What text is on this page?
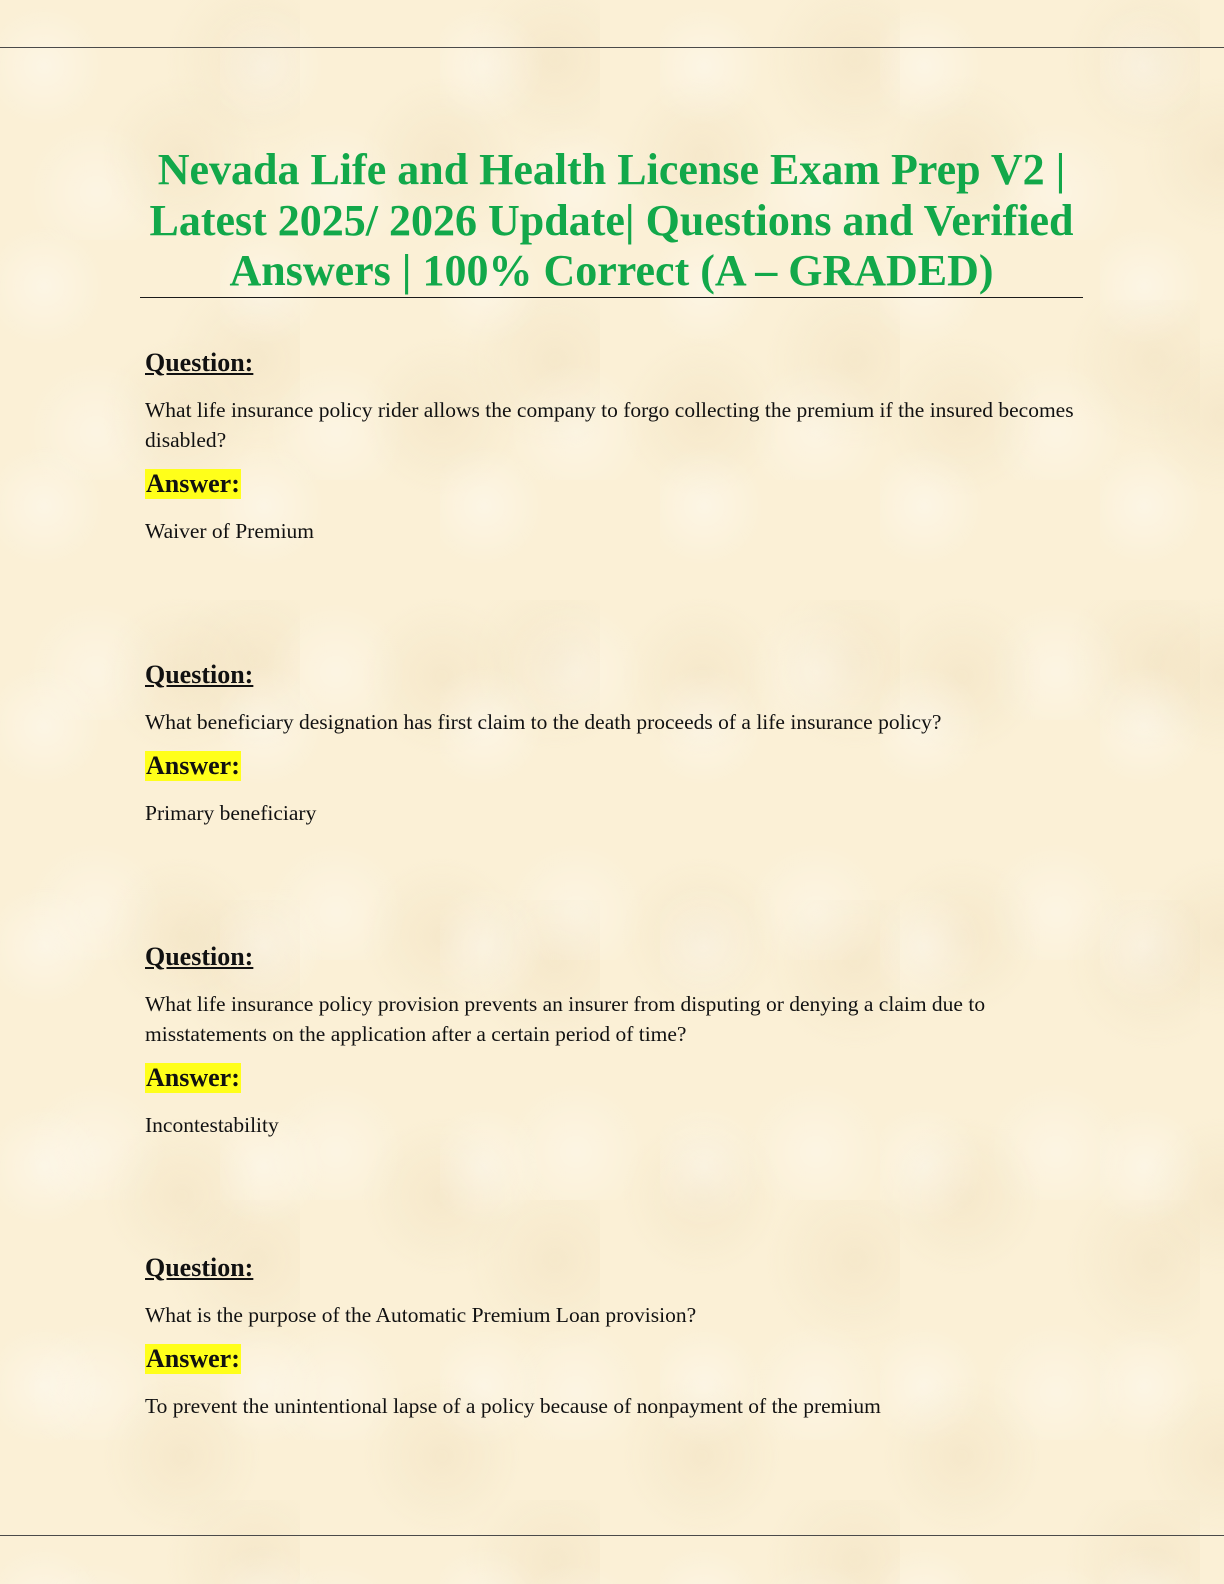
Nevada Life and Health License Exam Prep V2 | Latest 2025/ 2026 Update| Questions and Verified Answers | 100% Correct (A – GRADED)
Question:
What life insurance policy rider allows the company to forgo collecting the premium if the insured becomes disabled?
Answer:
Waiver of Premium
Question:
What beneficiary designation has first claim to the death proceeds of a life insurance policy?
Answer:
Primary beneficiary
Question:
What life insurance policy provision prevents an insurer from disputing or denying a claim due to misstatements on the application after a certain period of time?
Answer:
Incontestability
Question:
What is the purpose of the Automatic Premium Loan provision?
Answer:
To prevent the unintentional lapse of a policy because of nonpayment of the premium
